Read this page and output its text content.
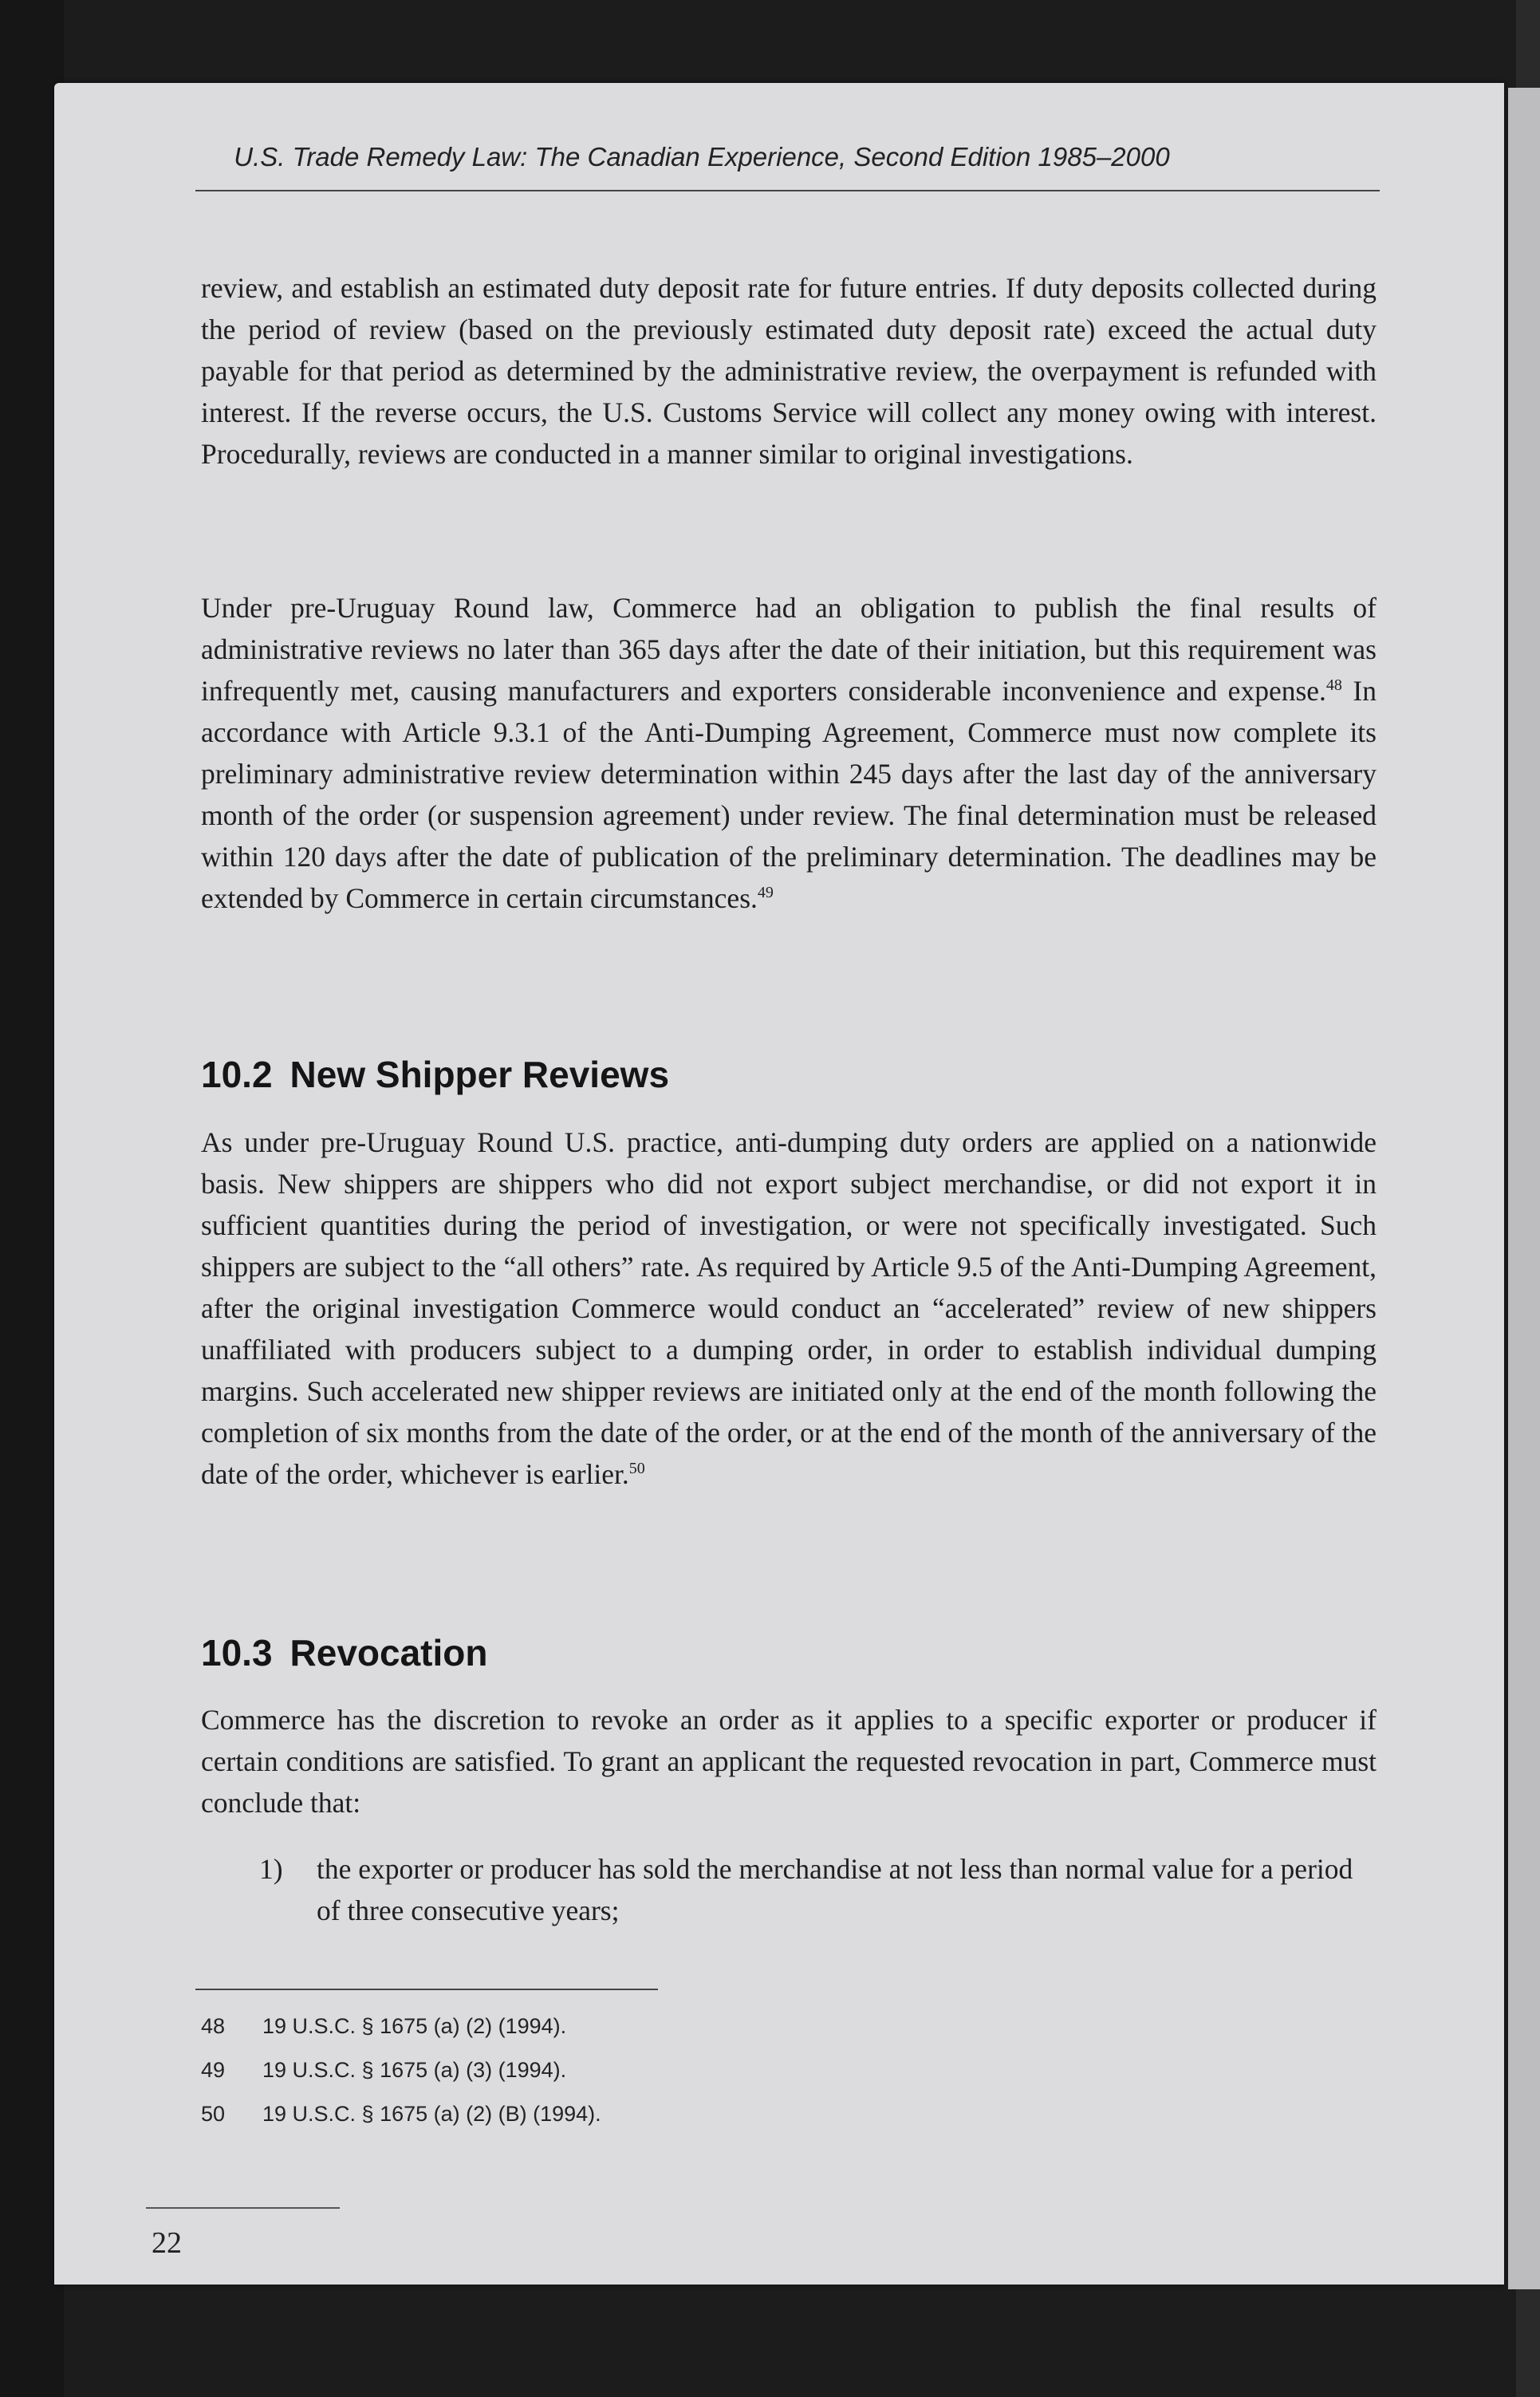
U.S. Trade Remedy Law: The Canadian Experience, Second Edition 1985–2000

review, and establish an estimated duty deposit rate for future entries. If duty deposits collected during the period of review (based on the previously estimated duty deposit rate) exceed the actual duty payable for that period as determined by the administrative review, the overpayment is refunded with interest. If the reverse occurs, the U.S. Customs Service will collect any money owing with interest. Procedurally, reviews are conducted in a manner similar to original investigations.

Under pre-Uruguay Round law, Commerce had an obligation to publish the final results of administrative reviews no later than 365 days after the date of their initiation, but this requirement was infrequently met, causing manufacturers and exporters considerable inconvenience and expense.$^{48}$ In accordance with Article 9.3.1 of the Anti-Dumping Agreement, Commerce must now complete its preliminary administrative review determination within 245 days after the last day of the anniversary month of the order (or suspension agreement) under review. The final determination must be released within 120 days after the date of publication of the preliminary determination. The deadlines may be extended by Commerce in certain circumstances.$^{49}$

10.2 New Shipper Reviews

As under pre-Uruguay Round U.S. practice, anti-dumping duty orders are applied on a nationwide basis. New shippers are shippers who did not export subject merchandise, or did not export it in sufficient quantities during the period of investigation, or were not specifically investigated. Such shippers are subject to the “all others” rate. As required by Article 9.5 of the Anti-Dumping Agreement, after the original investigation Commerce would conduct an “accelerated” review of new shippers unaffiliated with producers subject to a dumping order, in order to establish individual dumping margins. Such accelerated new shipper reviews are initiated only at the end of the month following the completion of six months from the date of the order, or at the end of the month of the anniversary of the date of the order, whichever is earlier.$^{50}$

10.3 Revocation

Commerce has the discretion to revoke an order as it applies to a specific exporter or producer if certain conditions are satisfied. To grant an applicant the requested revocation in part, Commerce must conclude that:

1)	the exporter or producer has sold the merchandise at not less than normal value for a period of three consecutive years;
48 19 U.S.C. § 1675 (a) (2) (1994).
49 19 U.S.C. § 1675 (a) (3) (1994).
50 19 U.S.C. § 1675 (a) (2) (B) (1994).
22
